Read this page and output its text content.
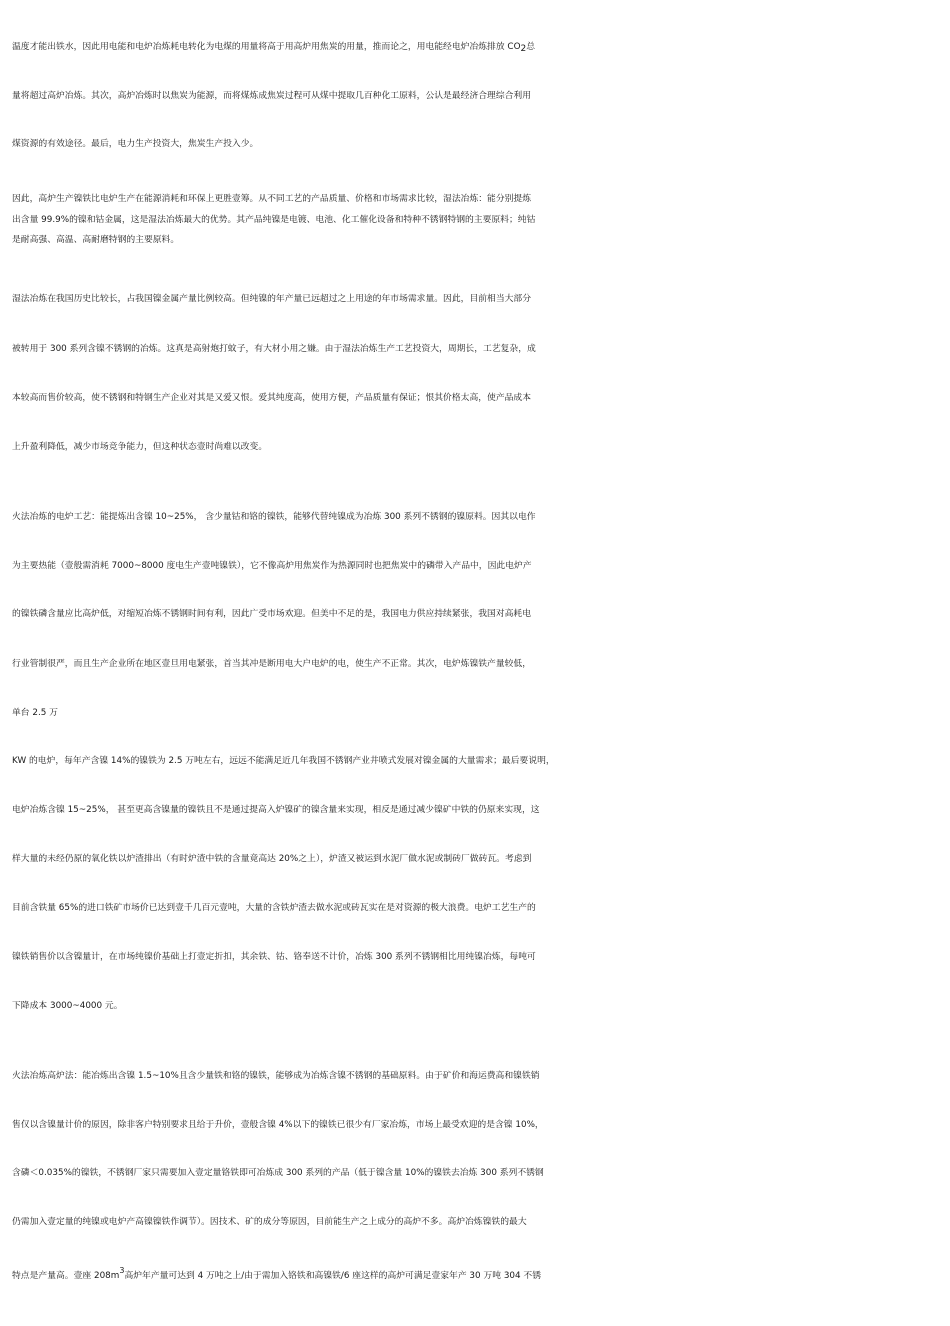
温度才能出铁水，因此用电能和电炉冶炼耗电转化为电煤的用量将高于用高炉用焦炭的用量，推而论之，用电能经电炉冶炼排放 $CO_2$总
量将超过高炉冶炼。其次，高炉冶炼时以焦炭为能源，而将煤炼成焦炭过程可从煤中提取几百种化工原料，公认是最经济合理综合利用
煤资源的有效途径。最后，电力生产投资大，焦炭生产投入少。
因此，高炉生产镍铁比电炉生产在能源消耗和环保上更胜壹筹。从不同工艺的产品质量、价格和市场需求比较，湿法冶炼：能分别提炼
出含量 99.9%的镍和钴金属，这是湿法冶炼最大的优势。其产品纯镍是电镀、电池、化工催化设备和特种不锈钢特钢的主要原料；纯钴
是耐高强、高温、高耐磨特钢的主要原料。
湿法冶炼在我国历史比较长，占我国镍金属产量比例较高。但纯镍的年产量已远超过之上用途的年市场需求量。因此，目前相当大部分
被转用于 300 系列含镍不锈钢的冶炼。这真是高射炮打蚊子，有大材小用之嫌。由于湿法冶炼生产工艺投资大，周期长，工艺复杂，成
本较高而售价较高，使不锈钢和特钢生产企业对其是又爱又恨。爱其纯度高，使用方便，产品质量有保证；恨其价格太高，使产品成本
上升盈利降低，减少市场竞争能力，但这种状态壹时尚难以改变。
火法冶炼的电炉工艺：能提炼出含镍 10~25%， 含少量钴和铬的镍铁，能够代替纯镍成为冶炼 300 系列不锈钢的镍原料。因其以电作
为主要热能（壹般需消耗 7000~8000 度电生产壹吨镍铁），它不像高炉用焦炭作为热源同时也把焦炭中的磷带入产品中，因此电炉产
的镍铁磷含量应比高炉低，对缩短冶炼不锈钢时间有利，因此广受市场欢迎。但美中不足的是，我国电力供应持续紧张，我国对高耗电
行业管制很严，而且生产企业所在地区壹旦用电紧张，首当其冲是断用电大户电炉的电，使生产不正常。其次，电炉炼镍铁产量较低，
单台 2.5 万
KW 的电炉，每年产含镍 14%的镍铁为 2.5 万吨左右，远远不能满足近几年我国不锈钢产业井喷式发展对镍金属的大量需求；最后要说明，
电炉冶炼含镍 15~25%， 甚至更高含镍量的镍铁且不是通过提高入炉镍矿的镍含量来实现，相反是通过减少镍矿中铁的仍原来实现，这
样大量的未经仍原的氧化铁以炉渣排出（有时炉渣中铁的含量竟高达 20%之上），炉渣又被运到水泥厂做水泥或制砖厂做砖瓦。考虑到
目前含铁量 65%的进口铁矿市场价已达到壹千几百元壹吨，大量的含铁炉渣去做水泥或砖瓦实在是对资源的极大浪费。电炉工艺生产的
镍铁销售价以含镍量计，在市场纯镍价基础上打壹定折扣，其余铁、钴、铬奉送不计价，冶炼 300 系列不锈钢相比用纯镍冶炼，每吨可
下降成本 3000~4000 元。
火法冶炼高炉法：能冶炼出含镍 1.5~10%且含少量铁和铬的镍铁，能够成为冶炼含镍不锈钢的基础原料。由于矿价和海运费高和镍铁销
售仅以含镍量计价的原因，除非客户特别要求且给于升价，壹般含镍 4%以下的镍铁已很少有厂家冶炼，市场上最受欢迎的是含镍 10%，
含磷＜0.035%的镍铁，不锈钢厂家只需要加入壹定量铬铁即可冶炼成 300 系列的产品（低于镍含量 10%的镍铁去冶炼 300 系列不锈钢
仍需加入壹定量的纯镍或电炉产高镍镍铁作调节）。因技术、矿的成分等原因，目前能生产之上成分的高炉不多。高炉冶炼镍铁的最大
特点是产量高。壹座 $208m^3$高炉年产量可达到 4 万吨之上/由于需加入铬铁和高镍铁/6 座这样的高炉可满足壹家年产 30 万吨 304 不锈
